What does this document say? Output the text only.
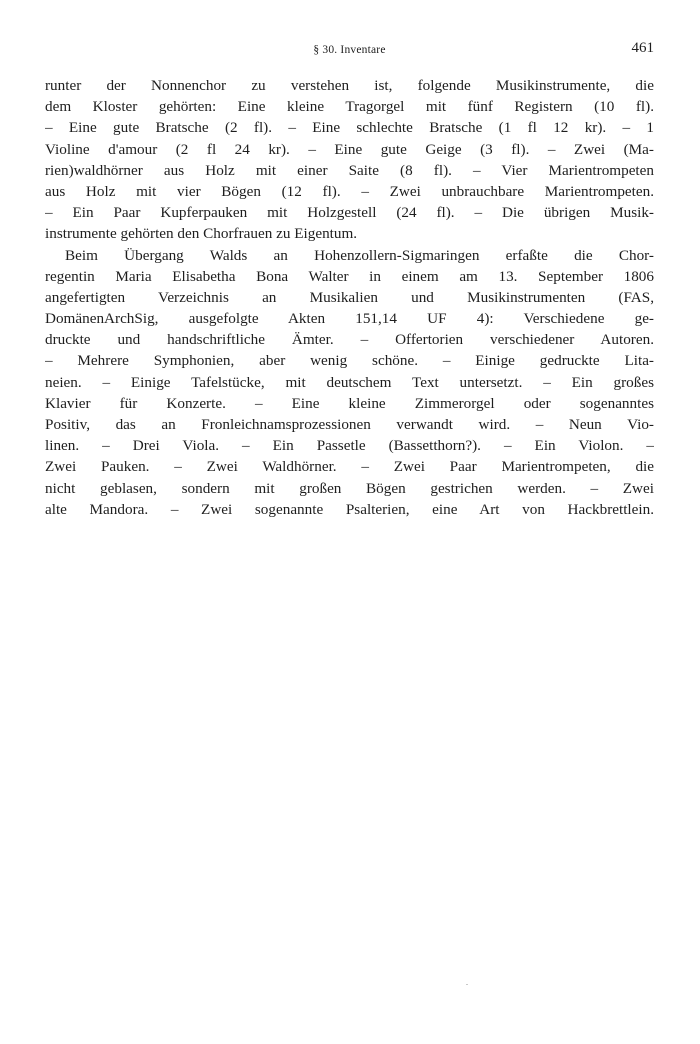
§ 30. Inventare	461
runter der Nonnenchor zu verstehen ist, folgende Musikinstrumente, die
dem Kloster gehörten: Eine kleine Tragorgel mit fünf Registern (10 fl).
– Eine gute Bratsche (2 fl). – Eine schlechte Bratsche (1 fl 12 kr). – 1
Violine d'amour (2 fl 24 kr). – Eine gute Geige (3 fl). – Zwei (Ma-
rien)waldhörner aus Holz mit einer Saite (8 fl). – Vier Marientrompeten
aus Holz mit vier Bögen (12 fl). – Zwei unbrauchbare Marientrompeten.
– Ein Paar Kupferpauken mit Holzgestell (24 fl). – Die übrigen Musik-
instrumente gehörten den Chorfrauen zu Eigentum.
Beim Übergang Walds an Hohenzollern-Sigmaringen erfaßte die Chor-
regentin Maria Elisabetha Bona Walter in einem am 13. September 1806
angefertigten Verzeichnis an Musikalien und Musikinstrumenten (FAS,
DomänenArchSig, ausgefolgte Akten 151,14 UF 4): Verschiedene ge-
druckte und handschriftliche Ämter. – Offertorien verschiedener Autoren.
– Mehrere Symphonien, aber wenig schöne. – Einige gedruckte Lita-
neien. – Einige Tafelstücke, mit deutschem Text untersetzt. – Ein großes
Klavier für Konzerte. – Eine kleine Zimmerorgel oder sogenanntes
Positiv, das an Fronleichnamsprozessionen verwandt wird. – Neun Vio-
linen. – Drei Viola. – Ein Passetle (Bassetthorn?). – Ein Violon. –
Zwei Pauken. – Zwei Waldhörner. – Zwei Paar Marientrompeten, die
nicht geblasen, sondern mit großen Bögen gestrichen werden. – Zwei
alte Mandora. – Zwei sogenannte Psalterien, eine Art von Hackbrettlein.
